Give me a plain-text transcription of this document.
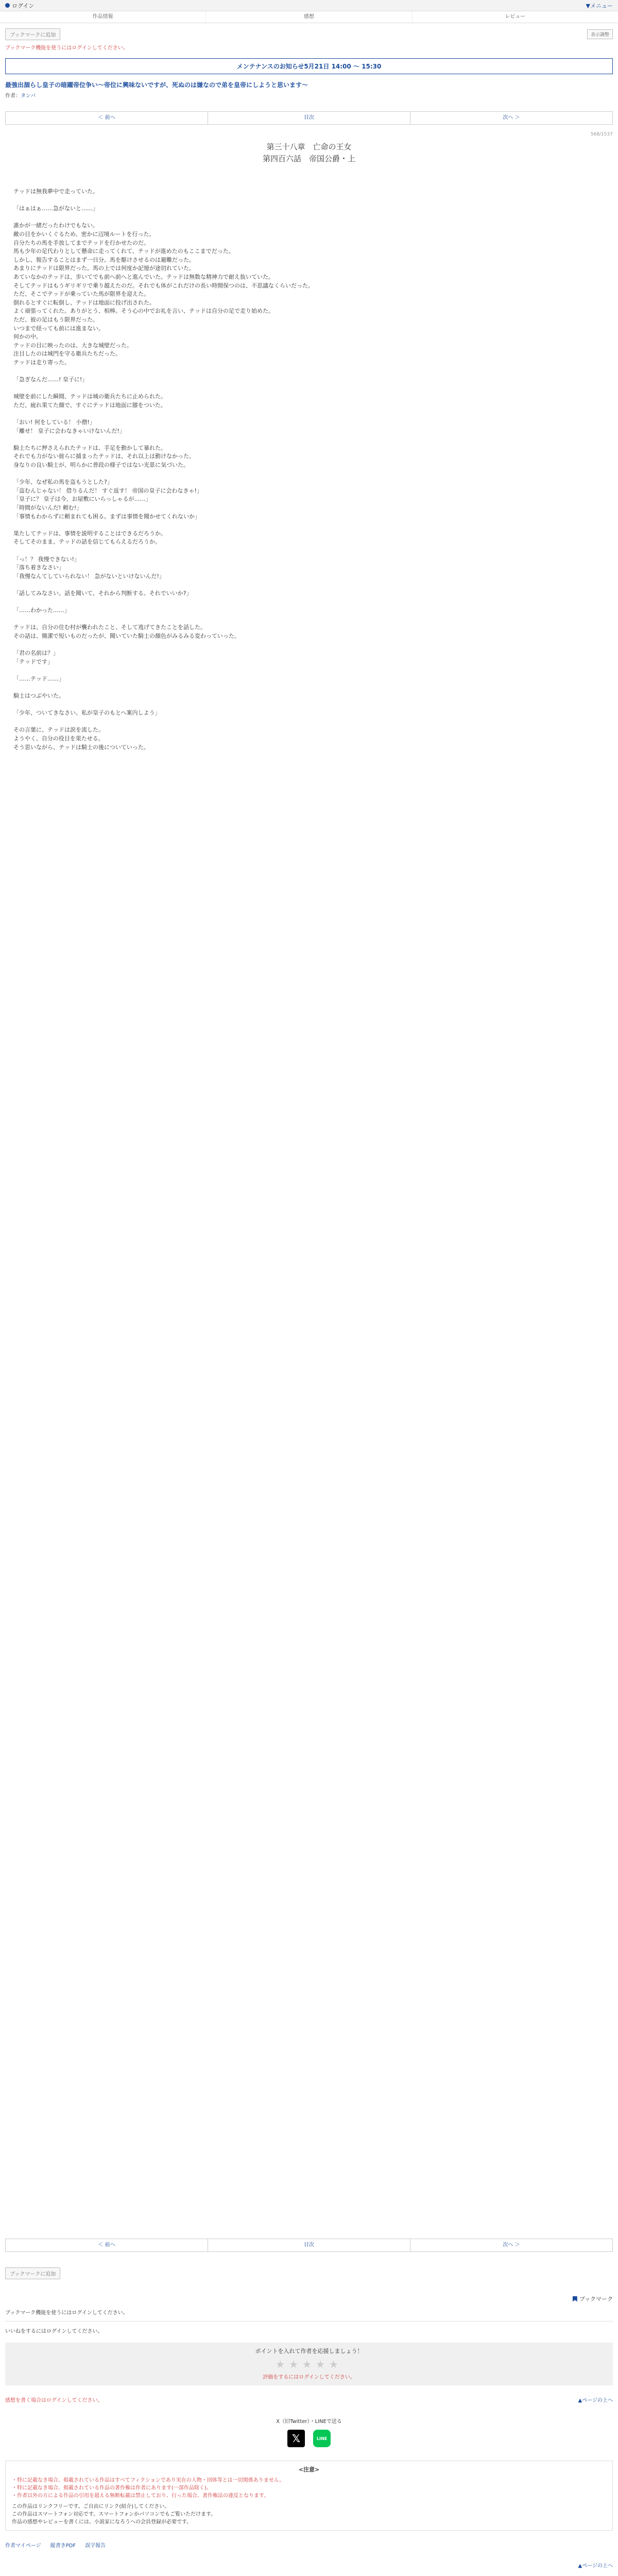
ログイン	▼メニュー
作品情報	感想	レビュー
ブックマークに追加	表示調整
ブックマーク機能を使うにはログインしてください。
メンテナンスのお知らせ5月21日 14:00 ～ 15:30
最強出涸らし皇子の暗躍帝位争い～帝位に興味ないですが、死ぬのは嫌なので弟を皇帝にしようと思います～
作者：タンバ
＜ 前へ	目次	次へ ＞
568/1537
第三十八章　亡命の王女
第四百六話　帝国公爵・上

テッドは無我夢中で走っていた。

「はぁはぁ……急がないと……」

誰かが一緒だったわけでもない。

敵の目をかいくぐるため、密かに辺境ルートを行った。

自分たちの馬を手放してまでテッドを行かせたのだ。

馬も少年の足代わりとして懸命に走ってくれて、テッドが進めたのもここまでだった。

しかし、報告することはまず一日分。馬を駆けさせるのは避難だった。

あまりにテッドは限界だった。馬の上では何度か記憶が途切れていた。

あていなかのテッドは、歩いてでも前へ前へと進んでいた。テッドは無数な精神力で耐え抜いていた。

そしてテッドはもうギリギリで乗り越えたのだ。それでも体がこれだけの長い時間保つのは、不思議なくらいだった。

ただ、そこでテッドが乗っていた馬が限界を迎えた。

倒れるとすぐに転倒し、テッドは地面に投げ出された。

よく頑張ってくれた。ありがとう、相棒。そう心の中でお礼を言い、テッドは自分の足で走り始めた。

ただ、彼の足はもう限界だった。

いつまで経っても前には進まない。

何かの中。

テッドの目に映ったのは、大きな城壁だった。

注目したのは城門を守る衛兵たちだった。

テッドは走り寄った。

「急ぎなんだ……! 皇子に!」

城壁を前にした瞬間、テッドは城の衛兵たちに止められた。

ただ、疲れ果てた顔で、すぐにテッドは地面に膝をついた。

「おい! 何をしている！ 小僧!」

「離せ！ 皇子に会わなきゃいけないんだ!」

騎士たちに押さえられたテッドは、手足を動かして暴れた。

それでも力がない彼らに捕まったテッドは、それ以上は動けなかった。

身なりの良い騎士が、明らかに普段の様子ではない光景に気づいた。

「少年、なぜ私の馬を盗もうとした?」

「盗むんじゃない！ 借りるんだ！ すぐ返す！ 帝国の皇子に会わなきゃ!」

「皇子に？ 皇子は今、お屋敷にいらっしゃるが……」

「時間がないんだ! 頼む!」

「事情もわからずに頼まれても困る。まずは事情を聞かせてくれないか」

果たしてテッドは、事情を説明することはできるだろうか。

そしてそのまま、テッドの話を信じてもらえるだろうか。

「っ！？ 我慢できない!」

「落ち着きなさい」

「我慢なんてしていられない！ 急がないといけないんだ!」

「話してみなさい。話を聞いて、それから判断する。それでいいか?」

「……わかった……」

テッドは、自分の住む村が襲われたこと、そして逃げてきたことを話した。

その話は、簡潔で短いものだったが、聞いていた騎士の顔色がみるみる変わっていった。

「君の名前は？」

「テッドです」

「……テッド……」

騎士はつぶやいた。

「少年、ついてきなさい。私が皇子のもとへ案内しよう」

その言葉に、テッドは涙を流した。

ようやく、自分の役目を果たせる。

そう思いながら、テッドは騎士の後についていった。

＜ 前へ	目次	次へ ＞
ブックマークに追加
ブックマーク
ブックマーク機能を使うにはログインしてください。
いいねをするにはログインしてください。
ポイントを入れて作者を応援しましょう！
★★★★★
評価をするにはログインしてください。
感想を書く場合はログインしてください。	▲ページの上へ
X（旧Twitter）・LINEで送る
𝕏	LINE
<注意>
・特に記載なき場合、掲載されている作品はすべてフィクションであり実在の人物・団体等とは一切関係ありません。
・特に記載なき場合、掲載されている作品の著作権は作者にあります(一部作品除く)。
・作者以外の方による作品の引用を超える無断転載は禁止しており、行った場合、著作権法の違反となります。
この作品はリンクフリーです。ご自由にリンク(紹介)してください。
この作品はスマートフォン対応です。スマートフォンかパソコンでもご覧いただけます。
作品の感想やレビューを書くには、小説家になろうへの会員登録が必要です。
作者マイページ 縦書きPDF 誤字報告
▲ページの上へ
